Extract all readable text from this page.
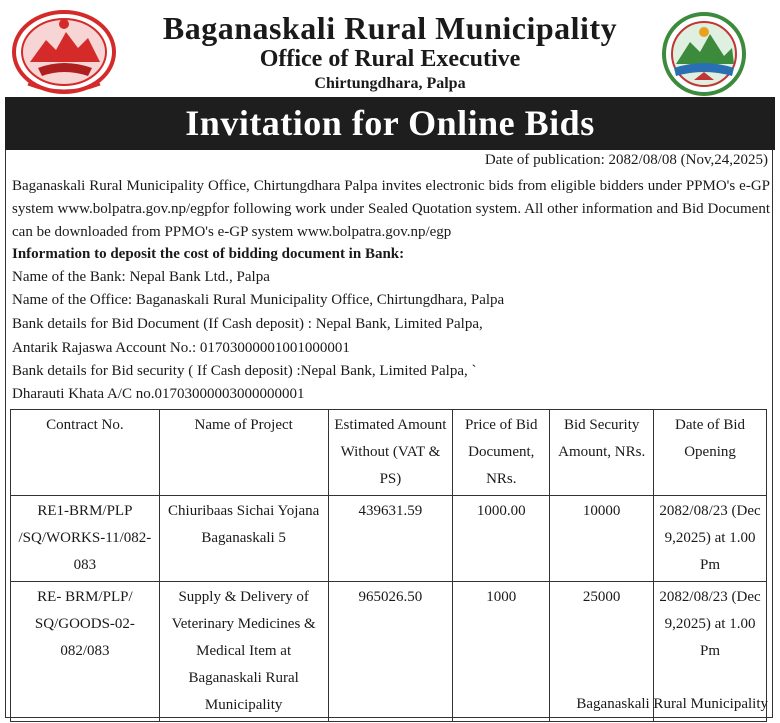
Baganaskali Rural Municipality
Office of Rural Executive
Chirtungdhara, Palpa
Invitation for Online Bids
Date of publication: 2082/08/08 (Nov,24,2025)
Baganaskali Rural Municipality Office, Chirtungdhara Palpa invites electronic bids from eligible bidders under PPMO's e-GP system www.bolpatra.gov.np/egpfor following work under Sealed Quotation system. All other information and Bid Document can be downloaded from PPMO's e-GP system www.bolpatra.gov.np/egp
Information to deposit the cost of bidding document in Bank:
Name of the Bank: Nepal Bank Ltd., Palpa
Name of the Office: Baganaskali Rural Municipality Office, Chirtungdhara, Palpa
Bank details for Bid Document (If Cash deposit) : Nepal Bank, Limited Palpa,
Antarik Rajaswa Account No.: 01703000001001000001
Bank details for Bid security ( If Cash deposit) :Nepal Bank, Limited Palpa, `
Dharauti Khata A/C no.01703000003000000001
Contract No.	Name of Project	Estimated Amount Without (VAT & PS)	Price of Bid Document, NRs.	Bid Security Amount, NRs.	Date of Bid Opening
RE1-BRM/PLP /SQ/WORKS-11/082-083	Chiuribaas Sichai Yojana Baganaskali 5	439631.59	1000.00	10000	2082/08/23 (Dec 9,2025) at 1.00 Pm
RE- BRM/PLP/ SQ/GOODS-02-082/083	Supply & Delivery of Veterinary Medicines & Medical Item at Baganaskali Rural Municipality	965026.50	1000	25000	2082/08/23 (Dec 9,2025) at 1.00 Pm
Baganaskali Rural Municipality
